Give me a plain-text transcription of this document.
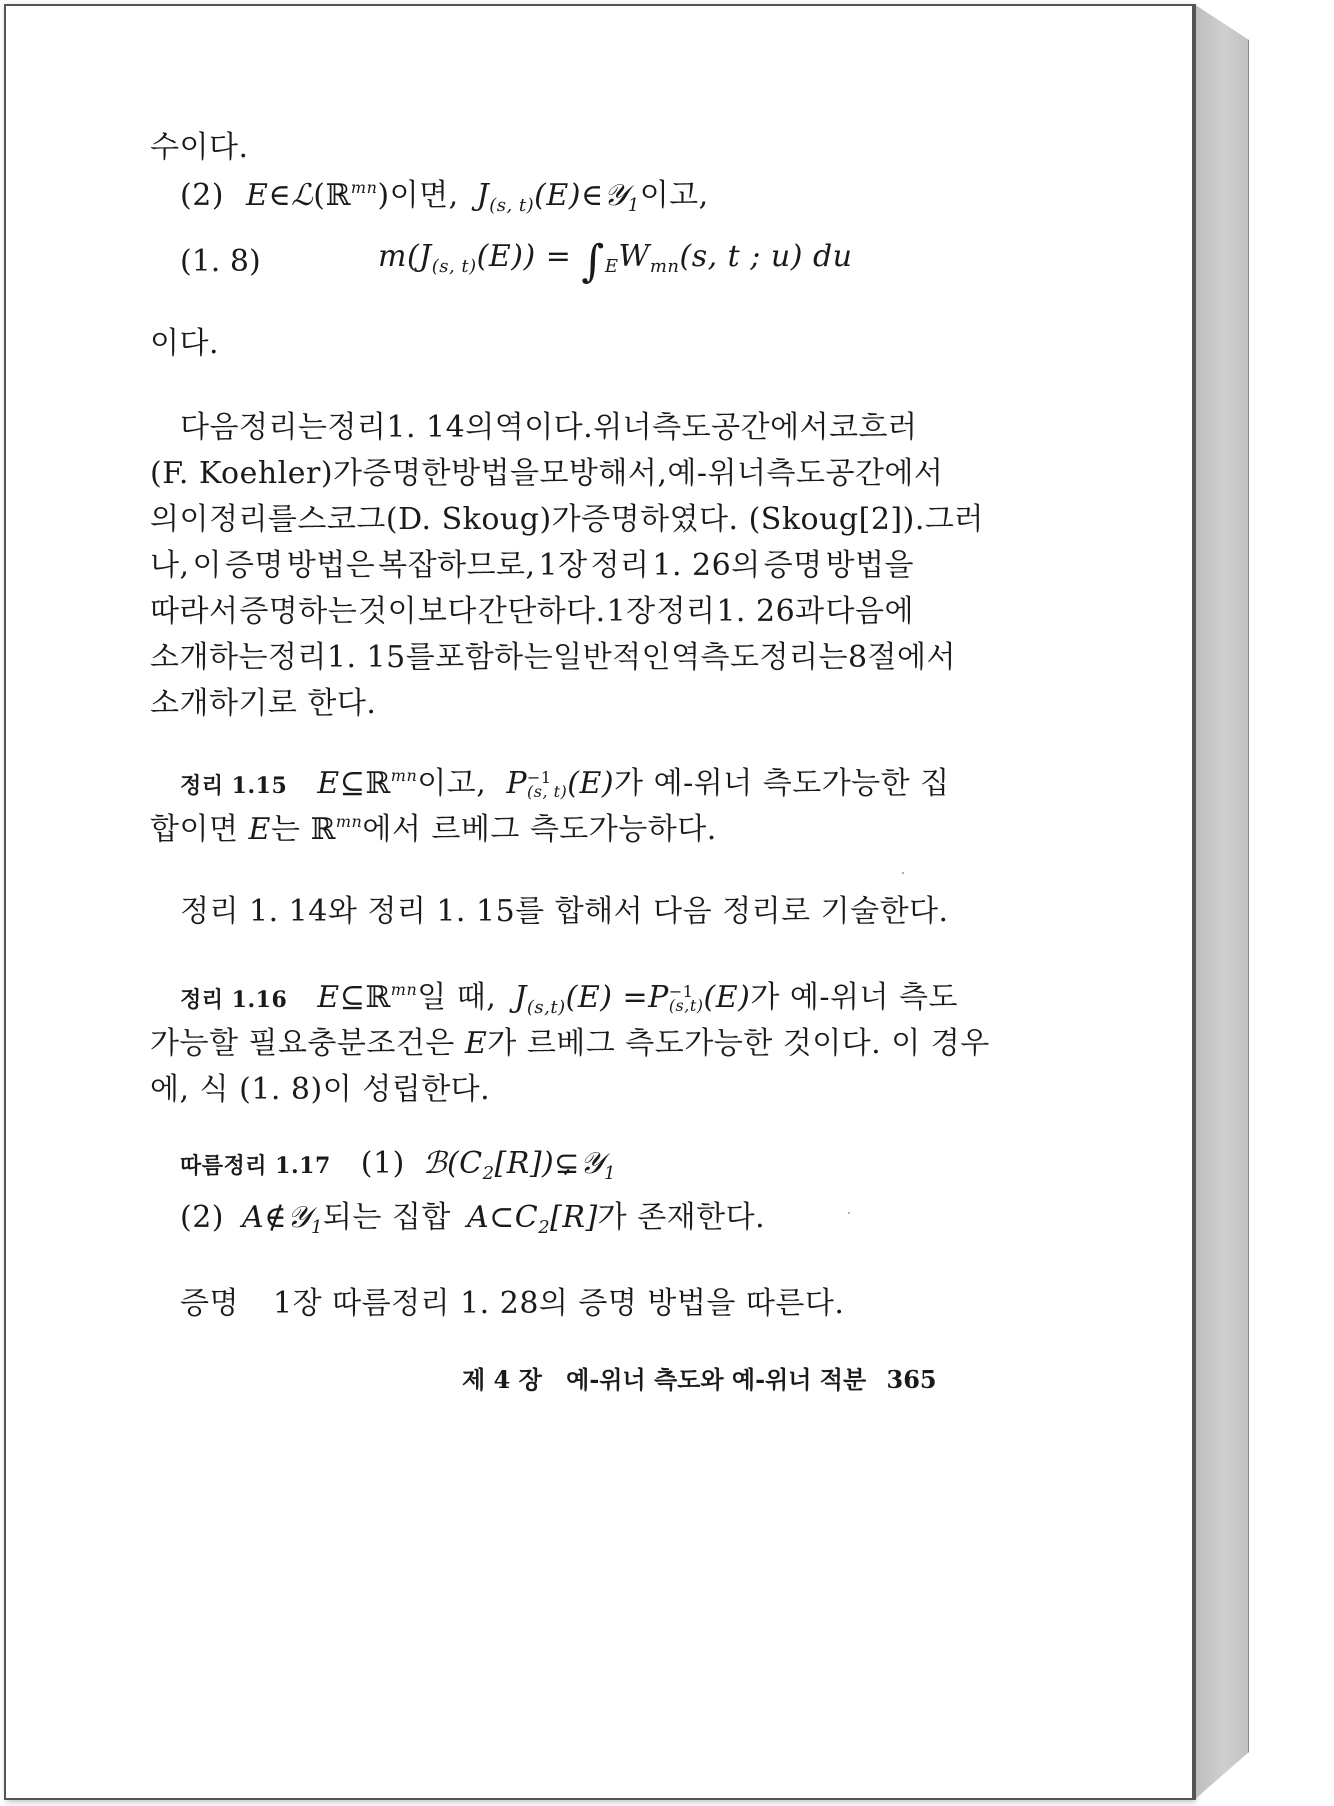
수이다.
(2) E∈ℒ(ℝ$^{mn}$)이면, $J_{(s, t)}(E)\in 𝒴_1$이고,
(1. 8)	$m(J_{(s, t)}(E)) = \int_EW_{mn}(s$, t ; u) du
이다.
다음 정리는 정리 1. 14의 역이다. 위너 측도공간에서 코흐러
(F. Koehler)가 증명한 방법을 모방해서, 예-위너 측도공간에서
의 이 정리를 스코그(D. Skoug)가 증명하였다. (Skoug[2]). 그러
나, 이 증명 방법은 복잡하므로, 1장 정리 1. 26의 증명 방법을
따라서 증명하는 것이 보다 간단하다. 1장 정리 1. 26과 다음에
소개하는 정리 1. 15를 포함하는 일반적인 역측도정리는 8절에서
소개하기로 한다.
정리 1.15 E⊆ℝ$^{mn}$이고, P −1
(s, t) (E)가 예-위너 측도가능한 집
합이면 E는 ℝ$^{mn}$에서 르베그 측도가능하다.
정리 1. 14와 정리 1. 15를 합해서 다음 정리로 기술한다.
정리 1.16 E⊆ℝ$^{mn}$일 때, $J_{(s,t)}(E) =P -1$
(s,t) (E)가 예-위너 측도
가능할 필요충분조건은 E가 르베그 측도가능한 것이다. 이 경우
에, 식 (1. 8)이 성립한다.
따름정리 1.17 (1) $ℬ(C_2[R])⊊𝒴_1$
(2) A∉𝒴$_1$되는 집합 $A\subset C_2[R]$가 존재한다.
증명 1장 따름정리 1. 28의 증명 방법을 따른다.
제 4 장 예-위너 측도와 예-위너 적분 365
